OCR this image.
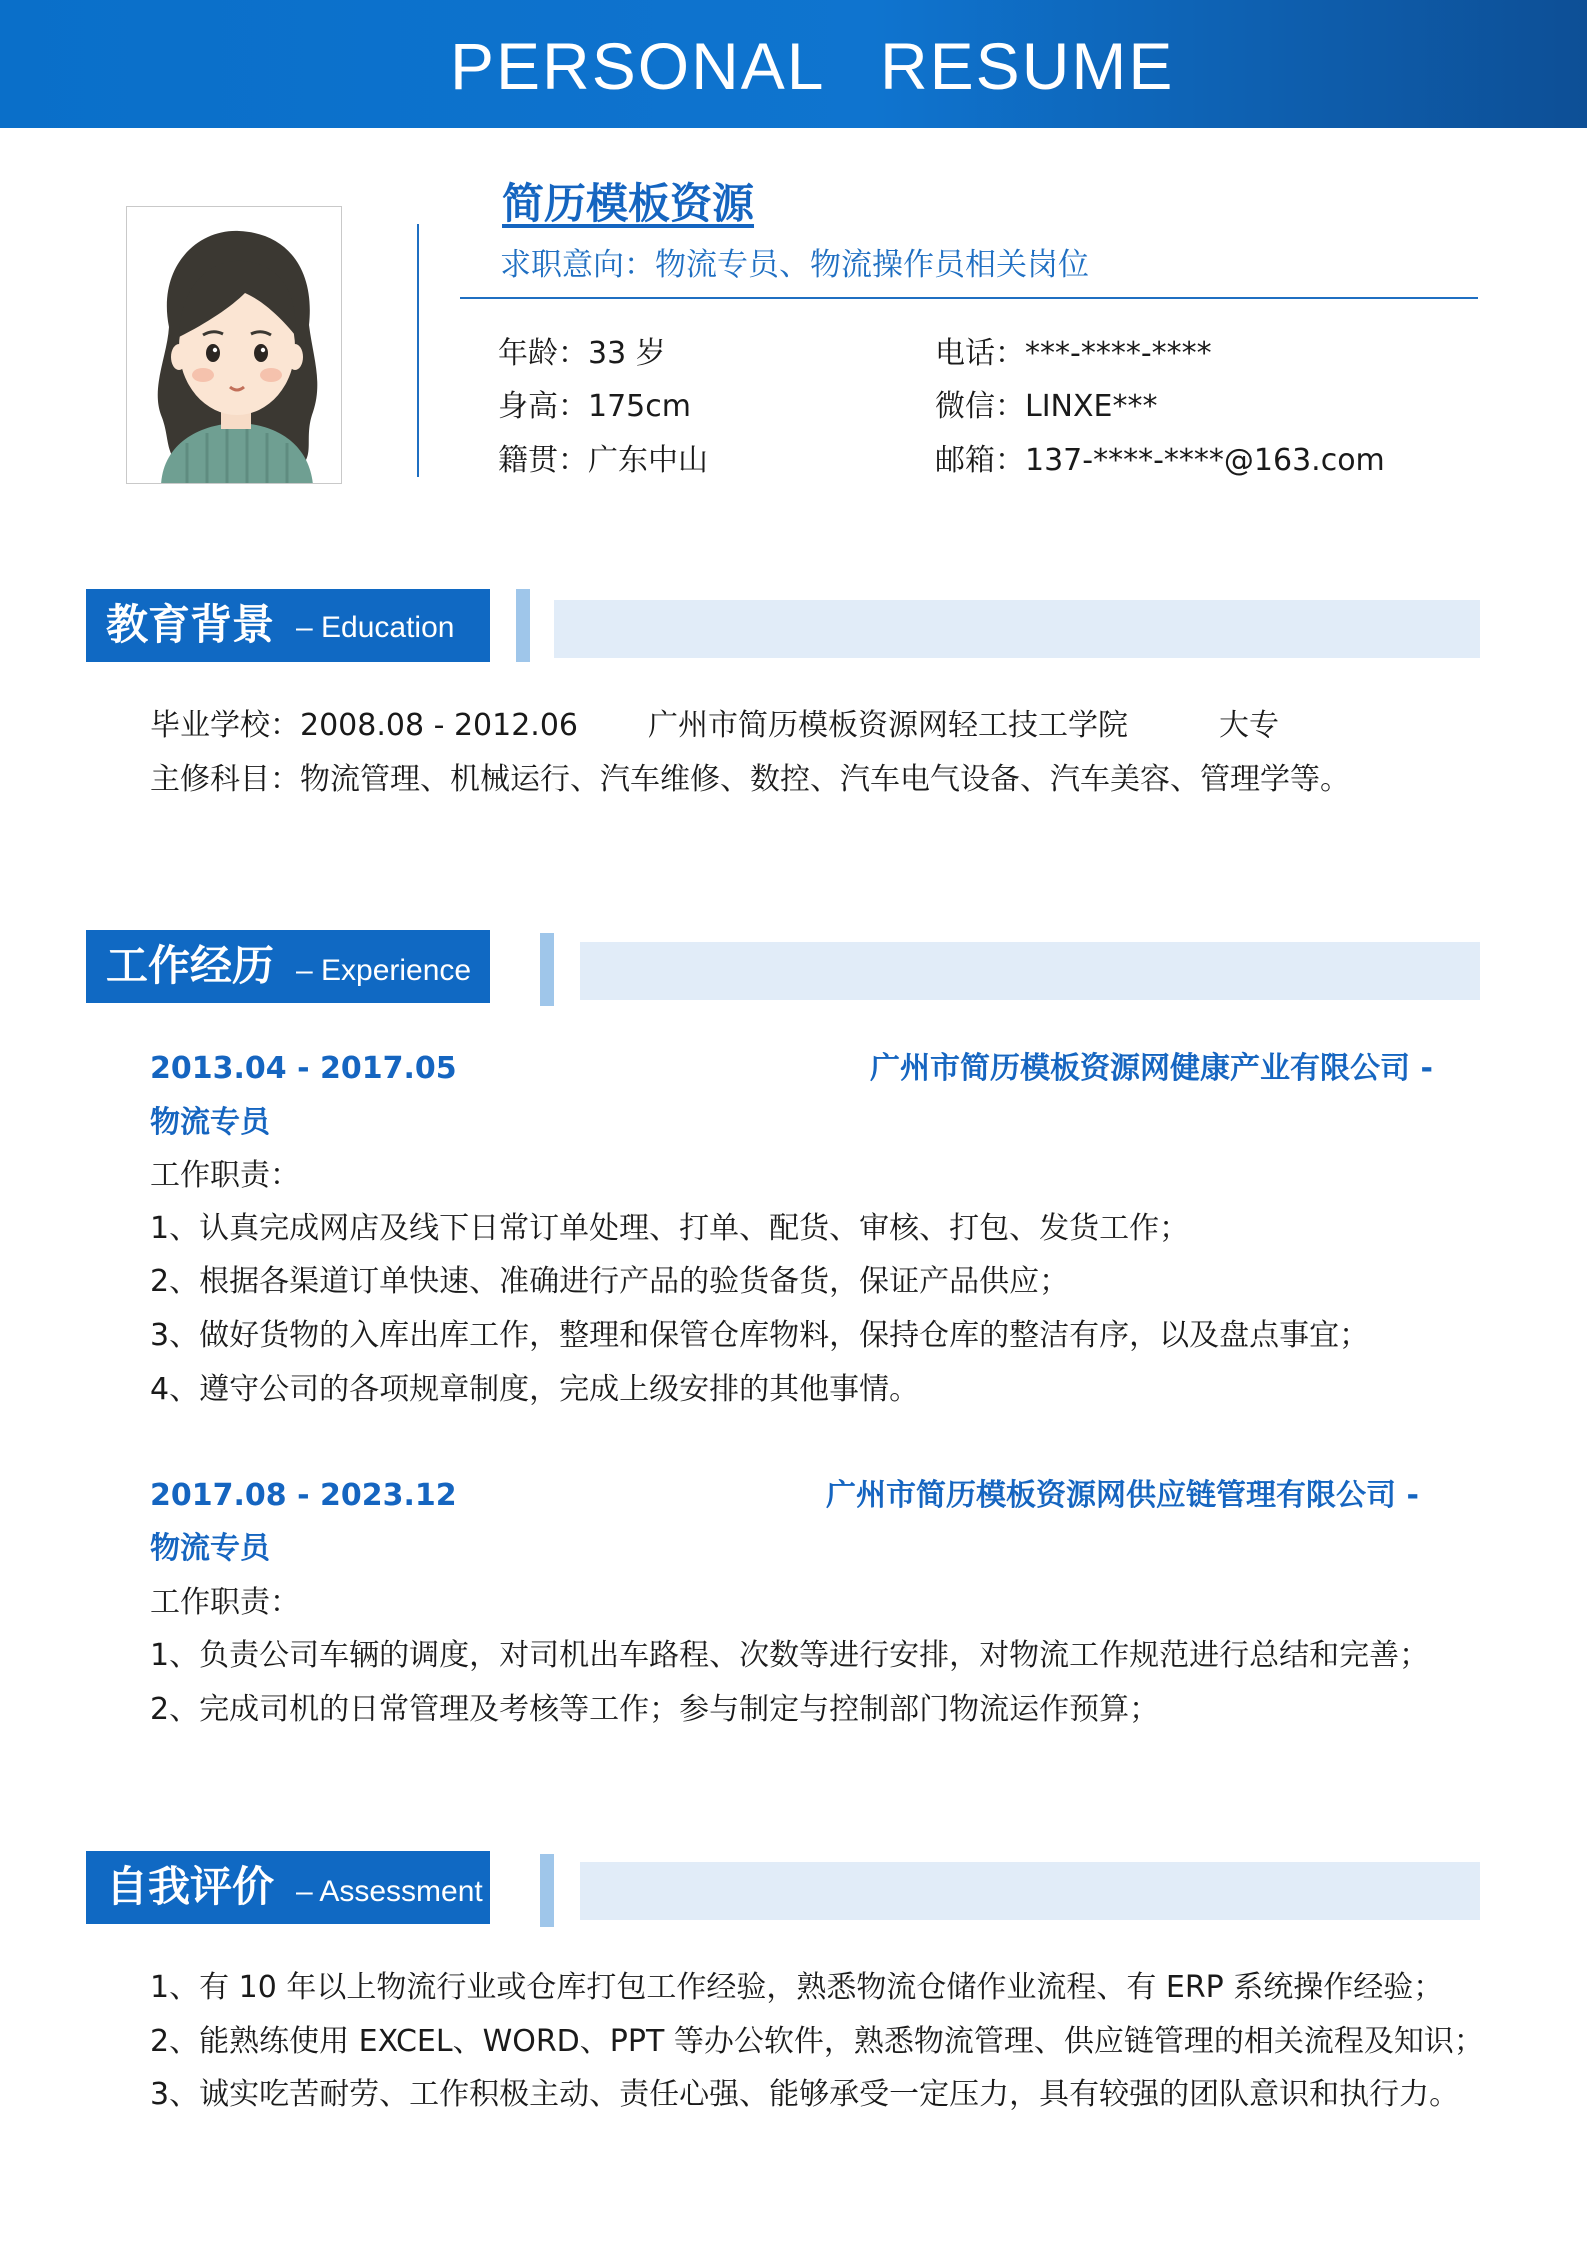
PERSONAL RESUME
简历模板资源
求职意向：物流专员、物流操作员相关岗位
年龄：33 岁
身高：175cm
籍贯：广东中山
电话：***-****-****
微信：LINXE***
邮箱：137-****-****@163.com
教育背景 – Education
毕业学校：2008.08 - 2012.06 广州市简历模板资源网轻工技工学院	大专
主修科目：物流管理、机械运行、汽车维修、数控、汽车电气设备、汽车美容、管理学等。
工作经历 – Experience
2013.04 - 2017.05	广州市简历模板资源网健康产业有限公司 -
物流专员
工作职责：
1、认真完成网店及线下日常订单处理、打单、配货、审核、打包、发货工作；
2、根据各渠道订单快速、准确进行产品的验货备货，保证产品供应；
3、做好货物的入库出库工作，整理和保管仓库物料，保持仓库的整洁有序，以及盘点事宜；
4、遵守公司的各项规章制度，完成上级安排的其他事情。
2017.08 - 2023.12	广州市简历模板资源网供应链管理有限公司 -
物流专员
工作职责：
1、负责公司车辆的调度，对司机出车路程、次数等进行安排，对物流工作规范进行总结和完善；
2、完成司机的日常管理及考核等工作；参与制定与控制部门物流运作预算；
自我评价 – Assessment
1、有 10 年以上物流行业或仓库打包工作经验，熟悉物流仓储作业流程、有 ERP 系统操作经验；
2、能熟练使用 EXCEL、WORD、PPT 等办公软件，熟悉物流管理、供应链管理的相关流程及知识；
3、诚实吃苦耐劳、工作积极主动、责任心强、能够承受一定压力，具有较强的团队意识和执行力。
